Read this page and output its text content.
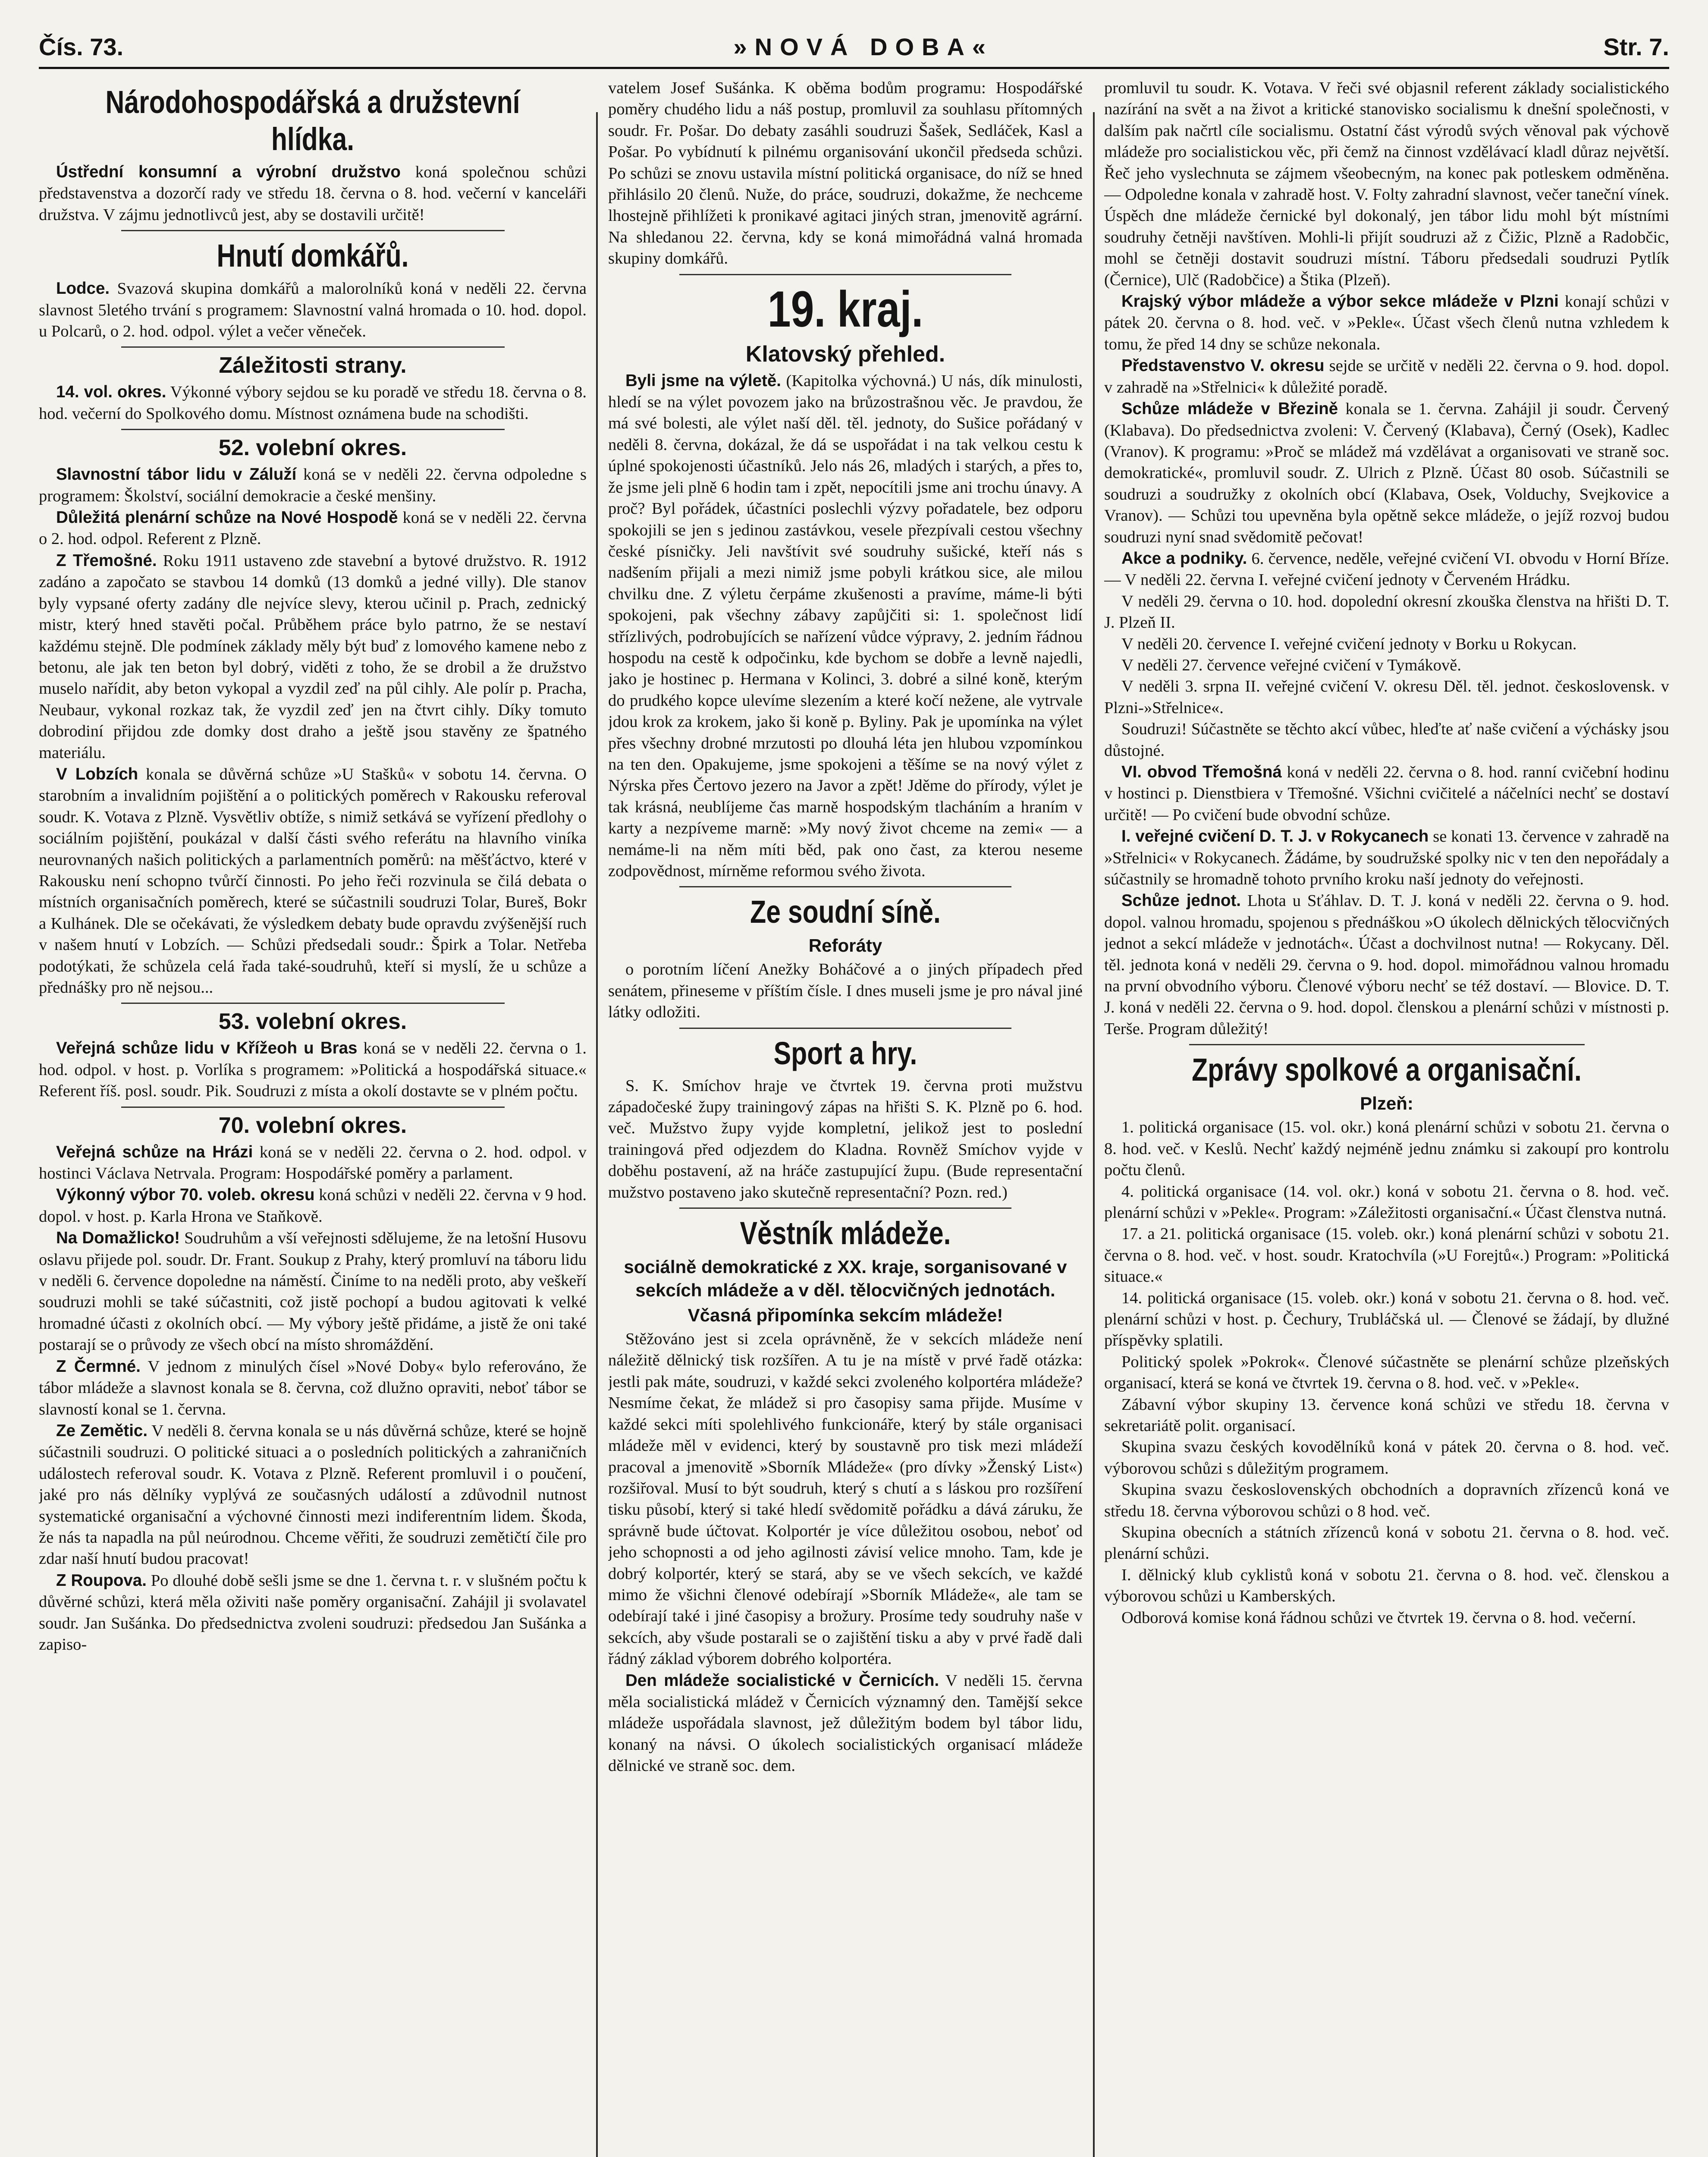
Čís. 73.	»NOVÁ DOBA«	Str. 7.
Národohospodářská a družstevní hlídka.

Ústřední konsumní a výrobní družstvo koná společnou schůzi představenstva a dozorčí rady ve středu 18. června o 8. hod. večerní v kanceláři družstva. V zájmu jednotlivců jest, aby se dostavili určitě!

Hnutí domkářů.

Lodce. Svazová skupina domkářů a malorolníků koná v neděli 22. června slavnost 5letého trvání s programem: Slavnostní valná hromada o 10. hod. dopol. u Polcarů, o 2. hod. odpol. výlet a večer věneček.

Záležitosti strany.

14. vol. okres. Výkonné výbory sejdou se ku poradě ve středu 18. června o 8. hod. večerní do Spolkového domu. Místnost oznámena bude na schodišti.

52. volební okres.

Slavnostní tábor lidu v Záluží koná se v neděli 22. června odpoledne s programem: Školství, sociální demokracie a české menšiny.

Důležitá plenární schůze na Nové Hospodě koná se v neděli 22. června o 2. hod. odpol. Referent z Plzně.

Z Třemošné. Roku 1911 ustaveno zde stavební a bytové družstvo. R. 1912 zadáno a započato se stavbou 14 domků (13 domků a jedné villy). Dle stanov byly vypsané oferty zadány dle nejvíce slevy, kterou učinil p. Prach, zednický mistr, který hned stavěti počal. Průběhem práce bylo patrno, že se nestaví každému stejně. Dle podmínek základy měly být buď z lomového kamene nebo z betonu, ale jak ten beton byl dobrý, viděti z toho, že se drobil a že družstvo muselo nařídit, aby beton vykopal a vyzdil zeď na půl cihly. Ale polír p. Pracha, Neubaur, vykonal rozkaz tak, že vyzdil zeď jen na čtvrt cihly. Díky tomuto dobrodiní přijdou zde domky dost draho a ještě jsou stavěny ze špatného materiálu.

V Lobzích konala se důvěrná schůze »U Stašků« v sobotu 14. června. O starobním a invalidním pojištění a o politických poměrech v Rakousku referoval soudr. K. Votava z Plzně. Vysvětliv obtíže, s nimiž setkává se vyřízení předlohy o sociálním pojištění, poukázal v další části svého referátu na hlavního viníka neurovnaných našich politických a parlamentních poměrů: na měšťáctvo, které v Rakousku není schopno tvůrčí činnosti. Po jeho řeči rozvinula se čilá debata o místních organisačních poměrech, které se súčastnili soudruzi Tolar, Bureš, Bokr a Kulhánek. Dle se očekávati, že výsledkem debaty bude opravdu zvýšenější ruch v našem hnutí v Lobzích. — Schůzi předsedali soudr.: Špirk a Tolar. Netřeba podotýkati, že schůzela celá řada také-soudruhů, kteří si myslí, že u schůze a přednášky pro ně nejsou...

53. volební okres.

Veřejná schůze lidu v Křížeoh u Bras koná se v neděli 22. června o 1. hod. odpol. v host. p. Vorlíka s programem: »Politická a hospodářská situace.« Referent říš. posl. soudr. Pik. Soudruzi z místa a okolí dostavte se v plném počtu.

70. volební okres.

Veřejná schůze na Hrázi koná se v neděli 22. června o 2. hod. odpol. v hostinci Václava Netrvala. Program: Hospodářské poměry a parlament.

Výkonný výbor 70. voleb. okresu koná schůzi v neděli 22. června v 9 hod. dopol. v host. p. Karla Hrona ve Staňkově.

Na Domažlicko! Soudruhům a vší veřejnosti sdělujeme, že na letošní Husovu oslavu přijede pol. soudr. Dr. Frant. Soukup z Prahy, který promluví na táboru lidu v neděli 6. července dopoledne na náměstí. Činíme to na neděli proto, aby veškeří soudruzi mohli se také súčastniti, což jistě pochopí a budou agitovati k velké hromadné účasti z okolních obcí. — My výbory ještě přidáme, a jistě že oni také postarají se o průvody ze všech obcí na místo shromáždění.

Z Čermné. V jednom z minulých čísel »Nové Doby« bylo referováno, že tábor mládeže a slavnost konala se 8. června, což dlužno opraviti, neboť tábor se slavností konal se 1. června.

Ze Zemětic. V neděli 8. června konala se u nás důvěrná schůze, které se hojně súčastnili soudruzi. O politické situaci a o posledních politických a zahraničních událostech referoval soudr. K. Votava z Plzně. Referent promluvil i o poučení, jaké pro nás dělníky vyplývá ze současných událostí a zdůvodnil nutnost systematické organisační a výchovné činnosti mezi indiferentním lidem. Škoda, že nás ta napadla na půl neúrodnou. Chceme věřiti, že soudruzi zemětičtí čile pro zdar naší hnutí budou pracovat!

Z Roupova. Po dlouhé době sešli jsme se dne 1. června t. r. v slušném počtu k důvěrné schůzi, která měla oživiti naše poměry organisační. Zahájil ji svolavatel soudr. Jan Sušánka. Do předsednictva zvoleni soudruzi: předsedou Jan Sušánka a zapiso-

vatelem Josef Sušánka. K oběma bodům programu: Hospodářské poměry chudého lidu a náš postup, promluvil za souhlasu přítomných soudr. Fr. Pošar. Do debaty zasáhli soudruzi Šašek, Sedláček, Kasl a Pošar. Po vybídnutí k pilnému organisování ukončil předseda schůzi. Po schůzi se znovu ustavila místní politická organisace, do níž se hned přihlásilo 20 členů. Nuže, do práce, soudruzi, dokažme, že nechceme lhostejně přihlížeti k pronikavé agitaci jiných stran, jmenovitě agrární. Na shledanou 22. června, kdy se koná mimořádná valná hromada skupiny domkářů.

19. kraj.
Klatovský přehled.

Byli jsme na výletě. (Kapitolka výchovná.) U nás, dík minulosti, hledí se na výlet povozem jako na brůzostrašnou věc. Je pravdou, že má své bolesti, ale výlet naší děl. těl. jednoty, do Sušice pořádaný v neděli 8. června, dokázal, že dá se uspořádat i na tak velkou cestu k úplné spokojenosti účastníků. Jelo nás 26, mladých i starých, a přes to, že jsme jeli plně 6 hodin tam i zpět, nepocítili jsme ani trochu únavy. A proč? Byl pořádek, účastníci poslechli výzvy pořadatele, bez odporu spokojili se jen s jedinou zastávkou, vesele přezpívali cestou všechny české písničky. Jeli navštívit své soudruhy sušické, kteří nás s nadšením přijali a mezi nimiž jsme pobyli krátkou sice, ale milou chvilku dne. Z výletu čerpáme zkušenosti a pravíme, máme-li býti spokojeni, pak všechny zábavy zapůjčiti si: 1. společnost lidí střízlivých, podrobujících se nařízení vůdce výpravy, 2. jedním řádnou hospodu na cestě k odpočinku, kde bychom se dobře a levně najedli, jako je hostinec p. Hermana v Kolinci, 3. dobré a silné koně, kterým do prudkého kopce ulevíme slezením a které kočí nežene, ale vytrvale jdou krok za krokem, jako ši koně p. Byliny. Pak je upomínka na výlet přes všechny drobné mrzutosti po dlouhá léta jen hlubou vzpomínkou na ten den. Opakujeme, jsme spokojeni a těšíme se na nový výlet z Nýrska přes Čertovo jezero na Javor a zpět! Jděme do přírody, výlet je tak krásná, neublíjeme čas marně hospodským tlacháním a hraním v karty a nezpíveme marně: »My nový život chceme na zemi« — a nemáme-li na něm míti běd, pak ono čast, za kterou neseme zodpovědnost, mírněme reformou svého života.

Ze soudní síně.
Reforáty

o porotním líčení Anežky Boháčové a o jiných případech před senátem, přineseme v příštím čísle. I dnes museli jsme je pro nával jiné látky odložiti.

Sport a hry.

S. K. Smíchov hraje ve čtvrtek 19. června proti mužstvu západočeské župy trainingový zápas na hřišti S. K. Plzně po 6. hod. več. Mužstvo župy vyjde kompletní, jelikož jest to poslední trainingová před odjezdem do Kladna. Rovněž Smíchov vyjde v doběhu postavení, až na hráče zastupující župu. (Bude representační mužstvo postaveno jako skutečně representační? Pozn. red.)

Věstník mládeže.
sociálně demokratické z XX. kraje, sorganisované v sekcích mládeže a v děl. tělocvičných jednotách.
Včasná připomínka sekcím mládeže!

Stěžováno jest si zcela oprávněně, že v sekcích mládeže není náležitě dělnický tisk rozšířen. A tu je na místě v prvé řadě otázka: jestli pak máte, soudruzi, v každé sekci zvoleného kolportéra mládeže? Nesmíme čekat, že mládež si pro časopisy sama přijde. Musíme v každé sekci míti spolehlivého funkcionáře, který by stále organisaci mládeže měl v evidenci, který by soustavně pro tisk mezi mládeží pracoval a jmenovitě »Sborník Mládeže« (pro dívky »Ženský List«) rozšiřoval. Musí to být soudruh, který s chutí a s láskou pro rozšíření tisku působí, který si také hledí svědomitě pořádku a dává záruku, že správně bude účtovat. Kolportér je více důležitou osobou, neboť od jeho schopnosti a od jeho agilnosti závisí velice mnoho. Tam, kde je dobrý kolportér, který se stará, aby se ve všech sekcích, ve každé mimo že všichni členové odebírají »Sborník Mládeže«, ale tam se odebírají také i jiné časopisy a brožury. Prosíme tedy soudruhy naše v sekcích, aby všude postarali se o zajištění tisku a aby v prvé řadě dali řádný základ výborem dobrého kolportéra.

Den mládeže socialistické v Černicích. V neděli 15. června měla socialistická mládež v Černicích významný den. Tamější sekce mládeže uspořádala slavnost, jež důležitým bodem byl tábor lidu, konaný na návsi. O úkolech socialistických organisací mládeže dělnické ve straně soc. dem.

promluvil tu soudr. K. Votava. V řeči své objasnil referent základy socialistického nazírání na svět a na život a kritické stanovisko socialismu k dnešní společnosti, v dalším pak načrtl cíle socialismu. Ostatní část výrodů svých věnoval pak výchově mládeže pro socialistickou věc, při čemž na činnost vzdělávací kladl důraz největší. Řeč jeho vyslechnuta se zájmem všeobecným, na konec pak potleskem odměněna. — Odpoledne konala v zahradě host. V. Folty zahradní slavnost, večer taneční vínek. Úspěch dne mládeže černické byl dokonalý, jen tábor lidu mohl být místními soudruhy četněji navštíven. Mohli-li přijít soudruzi až z Čižic, Plzně a Radobčic, mohl se četněji dostavit soudruzi místní. Táboru předsedali soudruzi Pytlík (Černice), Ulč (Radobčice) a Štika (Plzeň).

Krajský výbor mládeže a výbor sekce mládeže v Plzni konají schůzi v pátek 20. června o 8. hod. več. v »Pekle«. Účast všech členů nutna vzhledem k tomu, že před 14 dny se schůze nekonala.

Představenstvo V. okresu sejde se určitě v neděli 22. června o 9. hod. dopol. v zahradě na »Střelnici« k důležité poradě.

Schůze mládeže v Březině konala se 1. června. Zahájil ji soudr. Červený (Klabava). Do předsednictva zvoleni: V. Červený (Klabava), Černý (Osek), Kadlec (Vranov). K programu: »Proč se mládež má vzdělávat a organisovati ve straně soc. demokratické«, promluvil soudr. Z. Ulrich z Plzně. Účast 80 osob. Súčastnili se soudruzi a soudružky z okolních obcí (Klabava, Osek, Volduchy, Svejkovice a Vranov). — Schůzi tou upevněna byla opětně sekce mládeže, o jejíž rozvoj budou soudruzi nyní snad svědomitě pečovat!

Akce a podniky. 6. července, neděle, veřejné cvičení VI. obvodu v Horní Bříze. — V neděli 22. června I. veřejné cvičení jednoty v Červeném Hrádku.

V neděli 29. června o 10. hod. dopolední okresní zkouška členstva na hřišti D. T. J. Plzeň II.

V neděli 20. července I. veřejné cvičení jednoty v Borku u Rokycan.

V neděli 27. července veřejné cvičení v Tymákově.

V neděli 3. srpna II. veřejné cvičení V. okresu Děl. těl. jednot. československ. v Plzni-»Střelnice«.

Soudruzi! Súčastněte se těchto akcí vůbec, hleďte ať naše cvičení a výchásky jsou důstojné.

VI. obvod Třemošná koná v neděli 22. června o 8. hod. ranní cvičební hodinu v hostinci p. Dienstbiera v Třemošné. Všichni cvičitelé a náčelníci nechť se dostaví určitě! — Po cvičení bude obvodní schůze.

I. veřejné cvičení D. T. J. v Rokycanech se konati 13. července v zahradě na »Střelnici« v Rokycanech. Žádáme, by soudružské spolky nic v ten den nepořádaly a súčastnily se hromadně tohoto prvního kroku naší jednoty do veřejnosti.

Schůze jednot. Lhota u Sťáhlav. D. T. J. koná v neděli 22. června o 9. hod. dopol. valnou hromadu, spojenou s přednáškou »O úkolech dělnických tělocvičných jednot a sekcí mládeže v jednotách«. Účast a dochvilnost nutna! — Rokycany. Děl. těl. jednota koná v neděli 29. června o 9. hod. dopol. mimořádnou valnou hromadu na první obvodního výboru. Členové výboru nechť se též dostaví. — Blovice. D. T. J. koná v neděli 22. června o 9. hod. dopol. členskou a plenární schůzi v místnosti p. Terše. Program důležitý!

Zprávy spolkové a organisační.
Plzeň:

1. politická organisace (15. vol. okr.) koná plenární schůzi v sobotu 21. června o 8. hod. več. v Keslů. Nechť každý nejméně jednu známku si zakoupí pro kontrolu počtu členů.

4. politická organisace (14. vol. okr.) koná v sobotu 21. června o 8. hod. več. plenární schůzi v »Pekle«. Program: »Záležitosti organisační.« Účast členstva nutná.

17. a 21. politická organisace (15. voleb. okr.) koná plenární schůzi v sobotu 21. června o 8. hod. več. v host. soudr. Kratochvíla (»U Forejtů«.) Program: »Politická situace.«

14. politická organisace (15. voleb. okr.) koná v sobotu 21. června o 8. hod. več. plenární schůzi v host. p. Čechury, Trubláčská ul. — Členové se žádají, by dlužné příspěvky splatili.

Politický spolek »Pokrok«. Členové súčastněte se plenární schůze plzeňských organisací, která se koná ve čtvrtek 19. června o 8. hod. več. v »Pekle«.

Zábavní výbor skupiny 13. července koná schůzi ve středu 18. června v sekretariátě polit. organisací.

Skupina svazu českých kovodělníků koná v pátek 20. června o 8. hod. več. výborovou schůzi s důležitým programem.

Skupina svazu československých obchodních a dopravních zřízenců koná ve středu 18. června výborovou schůzi o 8 hod. več.

Skupina obecních a státních zřízenců koná v sobotu 21. června o 8. hod. več. plenární schůzi.

I. dělnický klub cyklistů koná v sobotu 21. června o 8. hod. več. členskou a výborovou schůzi u Kamberských.

Odborová komise koná řádnou schůzi ve čtvrtek 19. června o 8. hod. večerní.
